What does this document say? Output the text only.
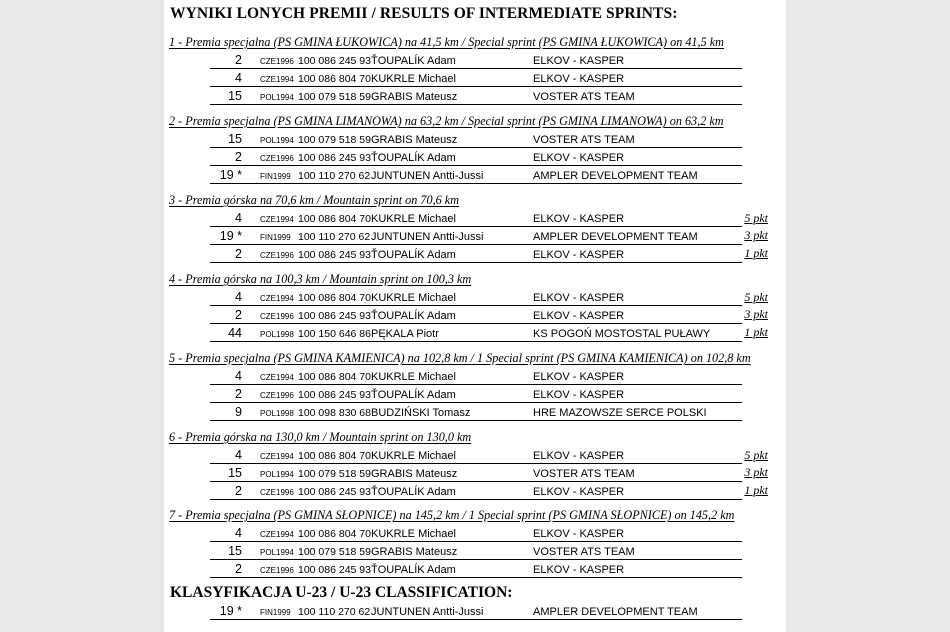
WYNIKI LONYCH PREMII / RESULTS OF INTERMEDIATE SPRINTS:
1 - Premia specjalna (PS GMINA ŁUKOWICA) na 41,5 km / Special sprint (PS GMINA ŁUKOWICA) on 41,5 km
2 CZE1996 100 086 245 93 ŤOUPALÍK Adam	ELKOV - KASPER
4 CZE1994 100 086 804 70 KUKRLE Michael	ELKOV - KASPER
15 POL1994 100 079 518 59 GRABIS Mateusz	VOSTER ATS TEAM
2 - Premia specjalna (PS GMINA LIMANOWA) na 63,2 km / Special sprint (PS GMINA LIMANOWA) on 63,2 km
15 POL1994 100 079 518 59 GRABIS Mateusz	VOSTER ATS TEAM
2 CZE1996 100 086 245 93 ŤOUPALÍK Adam	ELKOV - KASPER
19 * FIN1999 100 110 270 62 JUNTUNEN Antti-Jussi	AMPLER DEVELOPMENT TEAM
3 - Premia górska na 70,6 km / Mountain sprint on 70,6 km
4 CZE1994 100 086 804 70 KUKRLE Michael	ELKOV - KASPER	5 pkt
19 * FIN1999 100 110 270 62 JUNTUNEN Antti-Jussi	AMPLER DEVELOPMENT TEAM	3 pkt
2 CZE1996 100 086 245 93 ŤOUPALÍK Adam	ELKOV - KASPER	1 pkt
4 - Premia górska na 100,3 km / Mountain sprint on 100,3 km
4 CZE1994 100 086 804 70 KUKRLE Michael	ELKOV - KASPER	5 pkt
2 CZE1996 100 086 245 93 ŤOUPALÍK Adam	ELKOV - KASPER	3 pkt
44 POL1998 100 150 646 86 PĘKALA Piotr	KS POGOŃ MOSTOSTAL PUŁAWY	1 pkt
5 - Premia specjalna (PS GMINA KAMIENICA) na 102,8 km / 1 Special sprint (PS GMINA KAMIENICA) on 102,8 km
4 CZE1994 100 086 804 70 KUKRLE Michael	ELKOV - KASPER
2 CZE1996 100 086 245 93 ŤOUPALÍK Adam	ELKOV - KASPER
9 POL1998 100 098 830 68 BUDZIŃSKI Tomasz	HRE MAZOWSZE SERCE POLSKI
6 - Premia górska na 130,0 km / Mountain sprint on 130,0 km
4 CZE1994 100 086 804 70 KUKRLE Michael	ELKOV - KASPER	5 pkt
15 POL1994 100 079 518 59 GRABIS Mateusz	VOSTER ATS TEAM	3 pkt
2 CZE1996 100 086 245 93 ŤOUPALÍK Adam	ELKOV - KASPER	1 pkt
7 - Premia specjalna (PS GMINA SŁOPNICE) na 145,2 km / 1 Special sprint (PS GMINA SŁOPNICE) on 145,2 km
4 CZE1994 100 086 804 70 KUKRLE Michael	ELKOV - KASPER
15 POL1994 100 079 518 59 GRABIS Mateusz	VOSTER ATS TEAM
2 CZE1996 100 086 245 93 ŤOUPALÍK Adam	ELKOV - KASPER
KLASYFIKACJA U-23 / U-23 CLASSIFICATION:
19 * FIN1999 100 110 270 62 JUNTUNEN Antti-Jussi	AMPLER DEVELOPMENT TEAM
